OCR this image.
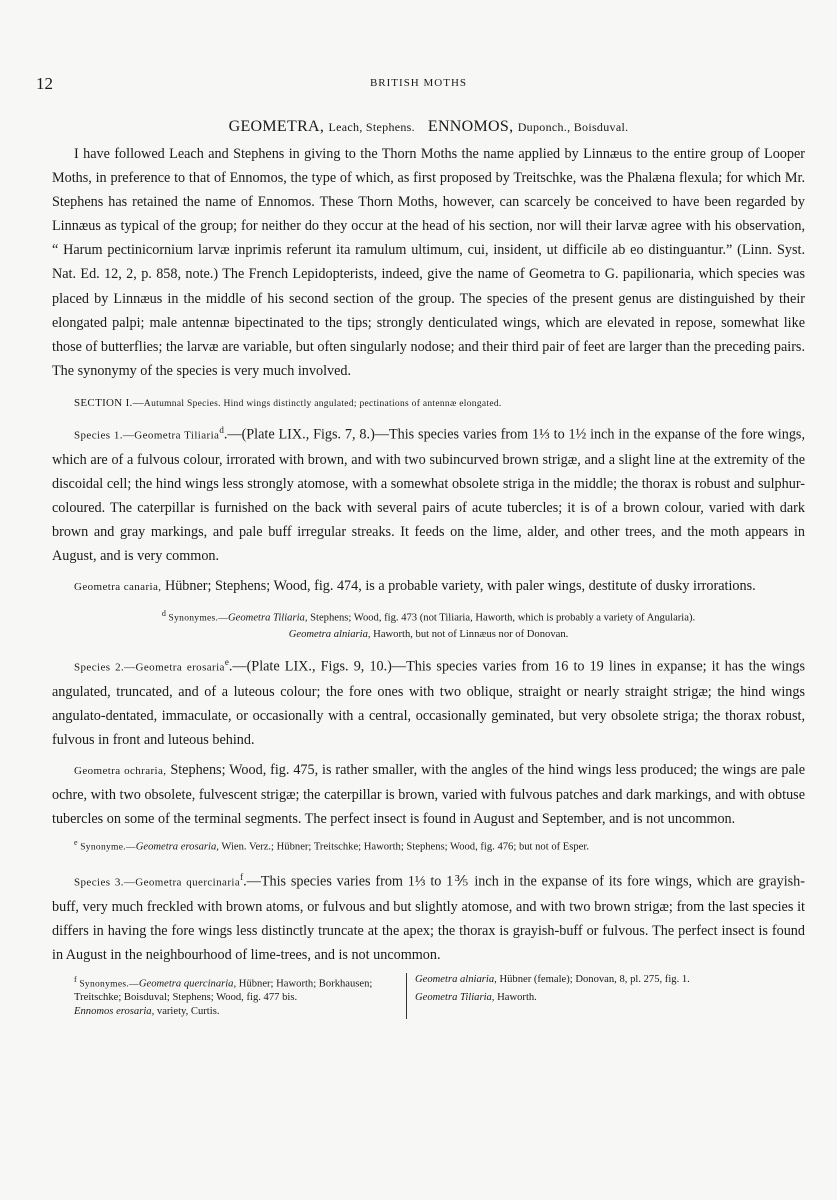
12	BRITISH MOTHS
GEOMETRA, Leach, Stephens. ENNOMOS, Duponch., Boisduval.

I have followed Leach and Stephens in giving to the Thorn Moths the name applied by Linnæus to the entire group of Looper Moths, in preference to that of Ennomos, the type of which, as first proposed by Treitschke, was the Phalæna flexula; for which Mr. Stephens has retained the name of Ennomos. These Thorn Moths, however, can scarcely be conceived to have been regarded by Linnæus as typical of the group; for neither do they occur at the head of his section, nor will their larvæ agree with his observation, “ Harum pectinicornium larvæ inprimis referunt ita ramulum ultimum, cui, insident, ut difficile ab eo distinguantur.” (Linn. Syst. Nat. Ed. 12, 2, p. 858, note.) The French Lepidopterists, indeed, give the name of Geometra to G. papilionaria, which species was placed by Linnæus in the middle of his second section of the group. The species of the present genus are distinguished by their elongated palpi; male antennæ bipectinated to the tips; strongly denticulated wings, which are elevated in repose, somewhat like those of butterflies; the larvæ are variable, but often singularly nodose; and their third pair of feet are larger than the preceding pairs. The synonymy of the species is very much involved.

SECTION I.—Autumnal Species. Hind wings distinctly angulated; pectinations of antennæ elongated.

Species 1.—Geometra Tiliaria$^d$.—(Plate LIX., Figs. 7, 8.)—This species varies from 1⅓ to 1½ inch in the expanse of the fore wings, which are of a fulvous colour, irrorated with brown, and with two subincurved brown strigæ, and a slight line at the extremity of the discoidal cell; the hind wings less strongly atomose, with a somewhat obsolete striga in the middle; the thorax is robust and sulphur-coloured. The caterpillar is furnished on the back with several pairs of acute tubercles; it is of a brown colour, varied with dark brown and gray markings, and pale buff irregular streaks. It feeds on the lime, alder, and other trees, and the moth appears in August, and is very common.

Geometra canaria, Hübner; Stephens; Wood, fig. 474, is a probable variety, with paler wings, destitute of dusky irrorations.

$^d$ Synonymes.—Geometra Tiliaria, Stephens; Wood, fig. 473 (not Tiliaria, Haworth, which is probably a variety of Angularia).
Geometra alniaria, Haworth, but not of Linnæus nor of Donovan.

Species 2.—Geometra erosaria$^e$.—(Plate LIX., Figs. 9, 10.)—This species varies from 16 to 19 lines in expanse; it has the wings angulated, truncated, and of a luteous colour; the fore ones with two oblique, straight or nearly straight strigæ; the hind wings angulato-dentated, immaculate, or occasionally with a central, occasionally geminated, but very obsolete striga; the thorax robust, fulvous in front and luteous behind.

Geometra ochraria, Stephens; Wood, fig. 475, is rather smaller, with the angles of the hind wings less produced; the wings are pale ochre, with two obsolete, fulvescent strigæ; the caterpillar is brown, varied with fulvous patches and dark markings, and with obtuse tubercles on some of the terminal segments. The perfect insect is found in August and September, and is not uncommon.

$^e$ Synonyme.—Geometra erosaria, Wien. Verz.; Hübner; Treitschke; Haworth; Stephens; Wood, fig. 476; but not of Esper.

Species 3.—Geometra quercinaria$^f$.—This species varies from 1⅓ to 1⅗ inch in the expanse of its fore wings, which are grayish-buff, very much freckled with brown atoms, or fulvous and but slightly atomose, and with two brown strigæ; from the last species it differs in having the fore wings less distinctly truncate at the apex; the thorax is grayish-buff or fulvous. The perfect insect is found in August in the neighbourhood of lime-trees, and is not uncommon.

$^f$ Synonymes.—Geometra quercinaria, Hübner; Haworth; Borkhausen; Treitschke; Boisduval; Stephens; Wood, fig. 477 bis.
Ennomos erosaria, variety, Curtis.
Geometra alniaria, Hübner (female); Donovan, 8, pl. 275, fig. 1.
Geometra Tiliaria, Haworth.
